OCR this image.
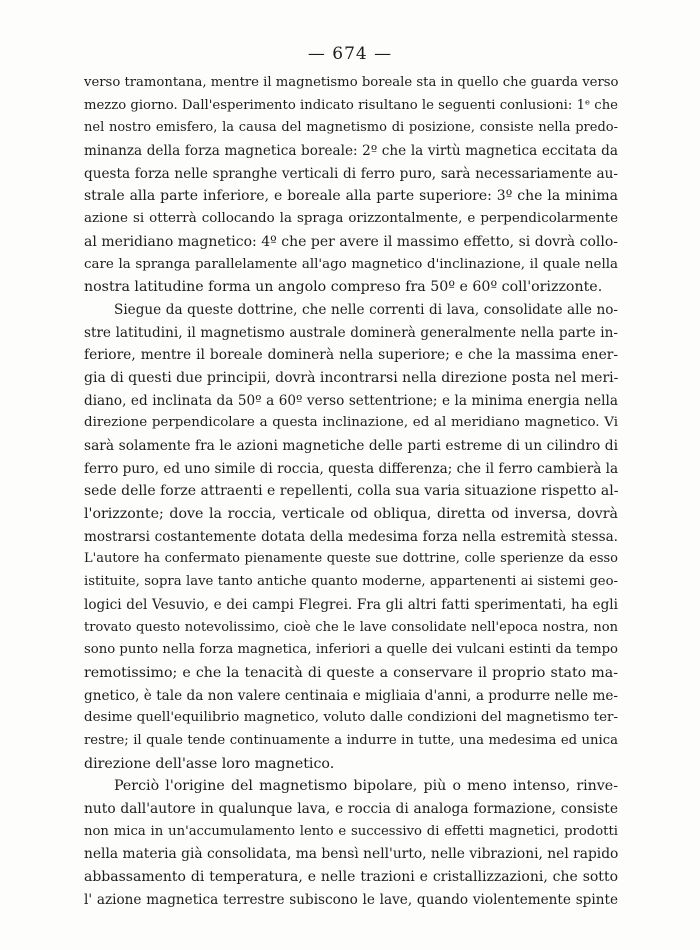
— 674 —
verso tramontana, mentre il magnetismo boreale sta in quello che guarda verso
mezzo giorno. Dall'esperimento indicato risultano le seguenti conlusioni: 1ᵉ che
nel nostro emisfero, la causa del magnetismo di posizione, consiste nella predo-
minanza della forza magnetica boreale: 2º che la virtù magnetica eccitata da
questa forza nelle spranghe verticali di ferro puro, sarà necessariamente au-
strale alla parte inferiore, e boreale alla parte superiore: 3º che la minima
azione si otterrà collocando la spraga orizzontalmente, e perpendicolarmente
al meridiano magnetico: 4º che per avere il massimo effetto, si dovrà collo-
care la spranga parallelamente all'ago magnetico d'inclinazione, il quale nella
nostra latitudine forma un angolo compreso fra 50º e 60º coll'orizzonte.
Siegue da queste dottrine, che nelle correnti di lava, consolidate alle no-
stre latitudini, il magnetismo australe dominerà generalmente nella parte in-
feriore, mentre il boreale dominerà nella superiore; e che la massima ener-
gia di questi due principii, dovrà incontrarsi nella direzione posta nel meri-
diano, ed inclinata da 50º a 60º verso settentrione; e la minima energia nella
direzione perpendicolare a questa inclinazione, ed al meridiano magnetico. Vi
sarà solamente fra le azioni magnetiche delle parti estreme di un cilindro di
ferro puro, ed uno simile di roccia, questa differenza; che il ferro cambierà la
sede delle forze attraenti e repellenti, colla sua varia situazione rispetto al-
l'orizzonte; dove la roccia, verticale od obliqua, diretta od inversa, dovrà
mostrarsi costantemente dotata della medesima forza nella estremità stessa.
L'autore ha confermato pienamente queste sue dottrine, colle sperienze da esso
istituite, sopra lave tanto antiche quanto moderne, appartenenti ai sistemi geo-
logici del Vesuvio, e dei campi Flegrei. Fra gli altri fatti sperimentati, ha egli
trovato questo notevolissimo, cioè che le lave consolidate nell'epoca nostra, non
sono punto nella forza magnetica, inferiori a quelle dei vulcani estinti da tempo
remotissimo; e che la tenacità di queste a conservare il proprio stato ma-
gnetico, è tale da non valere centinaia e migliaia d'anni, a produrre nelle me-
desime quell'equilibrio magnetico, voluto dalle condizioni del magnetismo ter-
restre; il quale tende continuamente a indurre in tutte, una medesima ed unica
direzione dell'asse loro magnetico.
Perciò l'origine del magnetismo bipolare, più o meno intenso, rinve-
nuto dall'autore in qualunque lava, e roccia di analoga formazione, consiste
non mica in un'accumulamento lento e successivo di effetti magnetici, prodotti
nella materia già consolidata, ma bensì nell'urto, nelle vibrazioni, nel rapido
abbassamento di temperatura, e nelle trazioni e cristallizzazioni, che sotto
l' azione magnetica terrestre subiscono le lave, quando violentemente spinte
